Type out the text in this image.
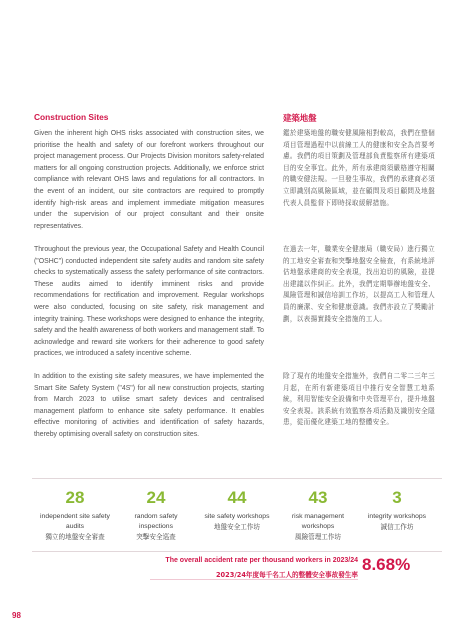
Construction Sites

Given the inherent high OHS risks associated with construction sites, we prioritise the health and safety of our forefront workers throughout our project management process. Our Projects Division monitors safety-related matters for all ongoing construction projects. Additionally, we enforce strict compliance with relevant OHS laws and regulations for all contractors. In the event of an incident, our site contractors are required to promptly identify high-risk areas and implement immediate mitigation measures under the supervision of our project consultant and their onsite representatives.

Throughout the previous year, the Occupational Safety and Health Council ("OSHC") conducted independent site safety audits and random site safety checks to systematically assess the safety performance of site contractors. These audits aimed to identify imminent risks and provide recommendations for rectification and improvement. Regular workshops were also conducted, focusing on site safety, risk management and integrity training. These workshops were designed to enhance the integrity, safety and the health awareness of both workers and management staff. To acknowledge and reward site workers for their adherence to good safety practices, we introduced a safety incentive scheme.

In addition to the existing site safety measures, we have implemented the Smart Site Safety System ("4S") for all new construction projects, starting from March 2023 to utilise smart safety devices and centralised management platform to enhance site safety performance. It enables effective monitoring of activities and identification of safety hazards, thereby optimising overall safety on construction sites.

建築地盤

鑑於建築地盤的職安健風險相對較高，我們在整個項目管理過程中以前線工人的健康和安全為首要考慮。我們的項目策劃及管理部負責監察所有建築項目的安全事宜。此外，所有承建商須嚴格遵守相關的職安健法規。一旦發生事故，我們的承建商必須立即識別高風險區域，並在顧問及項目顧問及地盤代表人員監督下即時採取緩解措施。

在過去一年，職業安全健康局（職安局）進行獨立的工地安全審查和突擊地盤安全檢查，有系統地評估地盤承建商的安全表現，找出迫切的風險，並提出建議以作糾正。此外，我們定期舉辦地盤安全、風險管理和誠信培訓工作坊，以提高工人和管理人員的廉潔、安全和健康意識。我們亦設立了獎勵計劃，以表揚實踐安全措施的工人。

除了現有的地盤安全措施外，我們自二零二三年三月起，在所有新建築項目中推行安全智慧工地系統，利用智能安全設備和中央管理平台，提升地盤安全表現。該系統有效監察各項活動及識別安全隱患，從而優化建築工地的整體安全。

28
independent site safety audits
獨立的地盤安全審查
24
random safety inspections
突擊安全巡查
44
site safety workshops
地盤安全工作坊
43
risk management workshops
風險管理工作坊
3
integrity workshops
誠信工作坊
The overall accident rate per thousand workers in 2023/24
2023/24年度每千名工人的整體安全事故發生率
8.68%
98
